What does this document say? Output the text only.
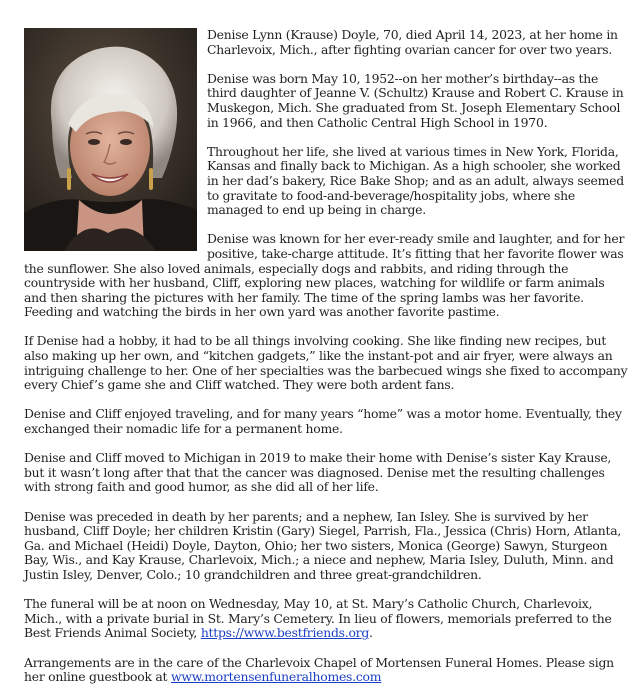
Denise Lynn (Krause) Doyle, 70, died April 14, 2023, at her home in Charlevoix, Mich., after fighting ovarian cancer for over two years.

Denise was born May 10, 1952--on her mother’s birthday--as the third daughter of Jeanne V. (Schultz) Krause and Robert C. Krause in Muskegon, Mich. She graduated from St. Joseph Elementary School in 1966, and then Catholic Central High School in 1970.

Throughout her life, she lived at various times in New York, Florida, Kansas and finally back to Michigan. As a high schooler, she worked in her dad’s bakery, Rice Bake Shop; and as an adult, always seemed to gravitate to food-and-beverage/hospitality jobs, where she managed to end up being in charge.

Denise was known for her ever-ready smile and laughter, and for her positive, take-charge attitude. It’s fitting that her favorite flower was the sunflower. She also loved animals, especially dogs and rabbits, and riding through the countryside with her husband, Cliff, exploring new places, watching for wildlife or farm animals and then sharing the pictures with her family. The time of the spring lambs was her favorite. Feeding and watching the birds in her own yard was another favorite pastime.

If Denise had a hobby, it had to be all things involving cooking. She like finding new recipes, but also making up her own, and “kitchen gadgets,” like the instant-pot and air fryer, were always an intriguing challenge to her. One of her specialties was the barbecued wings she fixed to accompany every Chief’s game she and Cliff watched. They were both ardent fans.

Denise and Cliff enjoyed traveling, and for many years “home” was a motor home. Eventually, they exchanged their nomadic life for a permanent home.

Denise and Cliff moved to Michigan in 2019 to make their home with Denise’s sister Kay Krause, but it wasn’t long after that that the cancer was diagnosed. Denise met the resulting challenges with strong faith and good humor, as she did all of her life.

Denise was preceded in death by her parents; and a nephew, Ian Isley. She is survived by her husband, Cliff Doyle; her children Kristin (Gary) Siegel, Parrish, Fla., Jessica (Chris) Horn, Atlanta, Ga. and Michael (Heidi) Doyle, Dayton, Ohio; her two sisters, Monica (George) Sawyn, Sturgeon Bay, Wis., and Kay Krause, Charlevoix, Mich.; a niece and nephew, Maria Isley, Duluth, Minn. and Justin Isley, Denver, Colo.; 10 grandchildren and three great-grandchildren.

The funeral will be at noon on Wednesday, May 10, at St. Mary’s Catholic Church, Charlevoix, Mich., with a private burial in St. Mary’s Cemetery. In lieu of flowers, memorials preferred to the Best Friends Animal Society, https://www.bestfriends.org.

Arrangements are in the care of the Charlevoix Chapel of Mortensen Funeral Homes. Please sign her online guestbook at www.mortensenfuneralhomes.com
